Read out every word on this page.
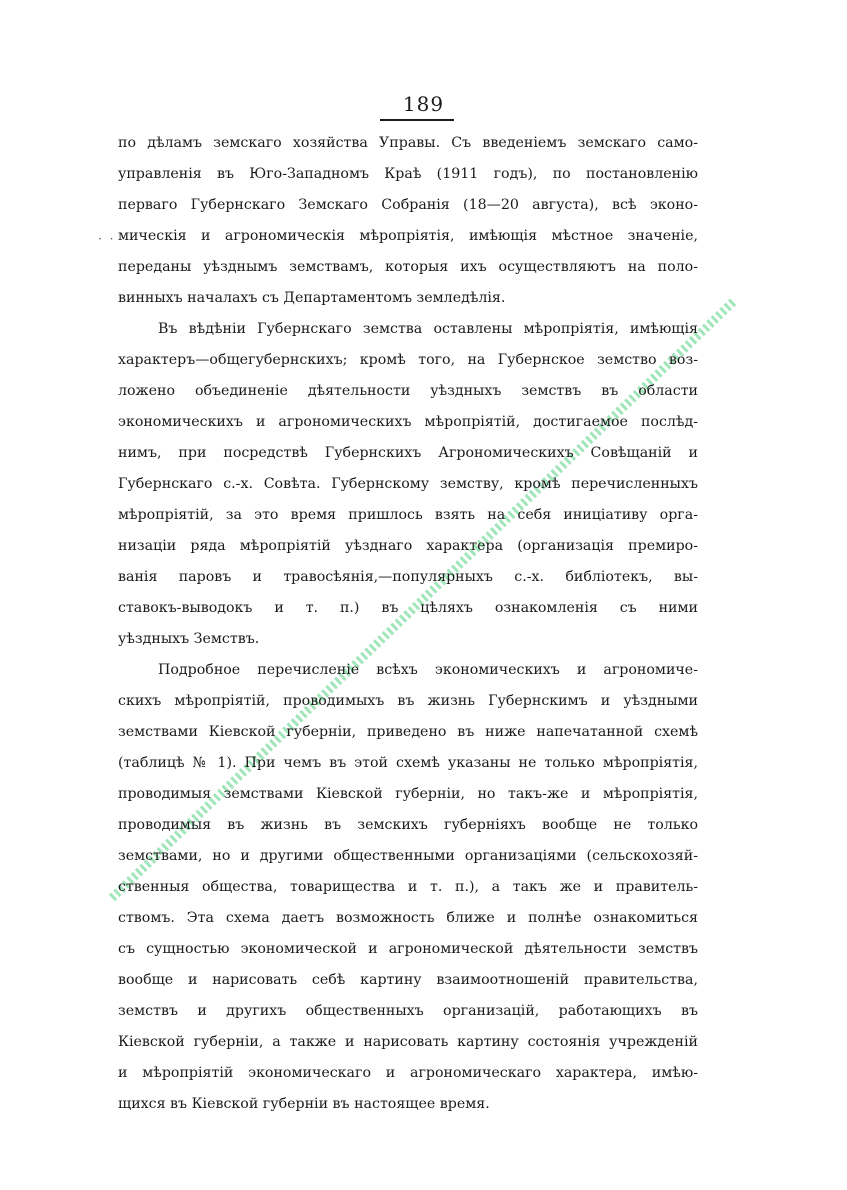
· ·
189
по дѣламъ земскаго хозяйства Управы. Съ введеніемъ земскаго само-
управленія въ Юго-Западномъ Краѣ (1911 годъ), по постановленію
перваго Губернскаго Земскаго Собранія (18—20 августа), всѣ эконо-
мическія и агрономическія мѣропріятія, имѣющія мѣстное значеніе,
переданы уѣзднымъ земствамъ, которыя ихъ осуществляютъ на поло-
винныхъ началахъ съ Департаментомъ земледѣлія.
Въ вѣдѣніи Губернскаго земства оставлены мѣропріятія, имѣющія
характеръ—общегубернскихъ; кромѣ того, на Губернское земство воз-
ложено объединеніе дѣятельности уѣздныхъ земствъ въ области
экономическихъ и агрономическихъ мѣропріятій, достигаемое послѣд-
нимъ, при посредствѣ Губернскихъ Агрономическихъ Совѣщаній и
Губернскаго с.-х. Совѣта. Губернскому земству, кромѣ перечисленныхъ
мѣропріятій, за это время пришлось взять на себя иниціативу орга-
низаціи ряда мѣропріятій уѣзднаго характера (организація премиро-
ванія паровъ и травосѣянія,—популярныхъ с.-х. библіотекъ, вы-
ставокъ-выводокъ и т. п.) въ цѣляхъ ознакомленія съ ними
уѣздныхъ Земствъ.
Подробное перечисленіе всѣхъ экономическихъ и агрономиче-
скихъ мѣропріятій, проводимыхъ въ жизнь Губернскимъ и уѣздными
земствами Кіевской губерніи, приведено въ ниже напечатанной схемѣ
(таблицѣ № 1). При чемъ въ этой схемѣ указаны не только мѣропріятія,
проводимыя земствами Кіевской губерніи, но такъ-же и мѣропріятія,
проводимыя въ жизнь въ земскихъ губерніяхъ вообще не только
земствами, но и другими общественными организаціями (сельскохозяй-
ственныя общества, товарищества и т. п.), а такъ же и правитель-
ствомъ. Эта схема даетъ возможность ближе и полнѣе ознакомиться
съ сущностью экономической и агрономической дѣятельности земствъ
вообще и нарисовать себѣ картину взаимоотношеній правительства,
земствъ и другихъ общественныхъ организацій, работающихъ въ
Кіевской губерніи, а также и нарисовать картину состоянія учрежденій
и мѣропріятій экономическаго и агрономическаго характера, имѣю-
щихся въ Кіевской губерніи въ настоящее время.
